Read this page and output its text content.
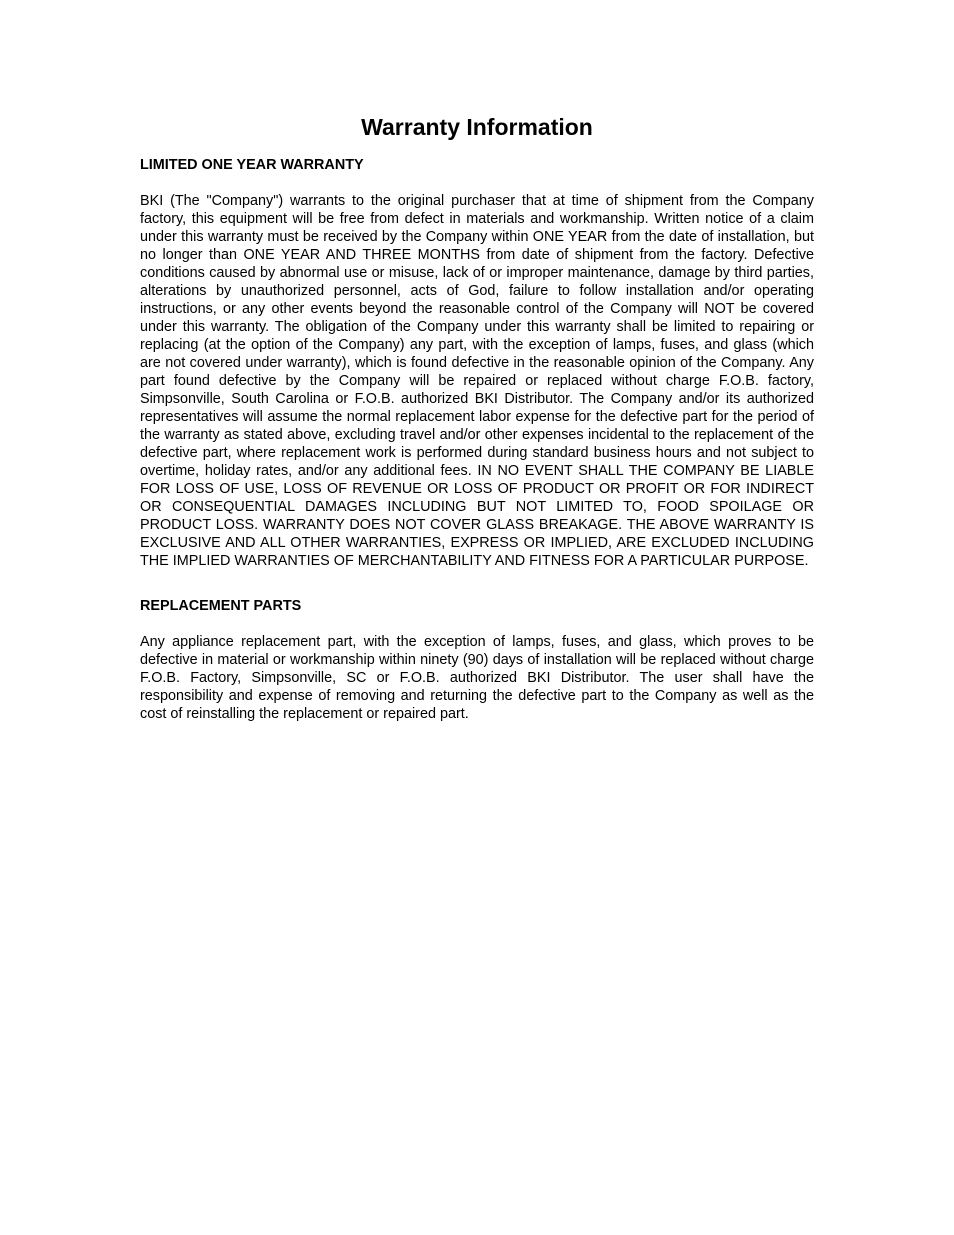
Warranty Information
LIMITED ONE YEAR WARRANTY

BKI (The "Company") warrants to the original purchaser that at time of shipment from the Company factory, this equipment will be free from defect in materials and workmanship. Written notice of a claim under this warranty must be received by the Company within ONE YEAR from the date of installation, but no longer than ONE YEAR AND THREE MONTHS from date of shipment from the factory. Defective conditions caused by abnormal use or misuse, lack of or improper maintenance, damage by third parties, alterations by unauthorized personnel, acts of God, failure to follow installation and/or operating instructions, or any other events beyond the reasonable control of the Company will NOT be covered under this warranty. The obligation of the Company under this warranty shall be limited to repairing or replacing (at the option of the Company) any part, with the exception of lamps, fuses, and glass (which are not covered under warranty), which is found defective in the reasonable opinion of the Company. Any part found defective by the Company will be repaired or replaced without charge F.O.B. factory, Simpsonville, South Carolina or F.O.B. authorized BKI Distributor. The Company and/or its authorized representatives will assume the normal replacement labor expense for the defective part for the period of the warranty as stated above, excluding travel and/or other expenses incidental to the replacement of the defective part, where replacement work is performed during standard business hours and not subject to overtime, holiday rates, and/or any additional fees. IN NO EVENT SHALL THE COMPANY BE LIABLE FOR LOSS OF USE, LOSS OF REVENUE OR LOSS OF PRODUCT OR PROFIT OR FOR INDIRECT OR CONSEQUENTIAL DAMAGES INCLUDING BUT NOT LIMITED TO, FOOD SPOILAGE OR PRODUCT LOSS. WARRANTY DOES NOT COVER GLASS BREAKAGE. THE ABOVE WARRANTY IS EXCLUSIVE AND ALL OTHER WARRANTIES, EXPRESS OR IMPLIED, ARE EXCLUDED INCLUDING THE IMPLIED WARRANTIES OF MERCHANTABILITY AND FITNESS FOR A PARTICULAR PURPOSE.

REPLACEMENT PARTS

Any appliance replacement part, with the exception of lamps, fuses, and glass, which proves to be defective in material or workmanship within ninety (90) days of installation will be replaced without charge F.O.B. Factory, Simpsonville, SC or F.O.B. authorized BKI Distributor. The user shall have the responsibility and expense of removing and returning the defective part to the Company as well as the cost of reinstalling the replacement or repaired part.
